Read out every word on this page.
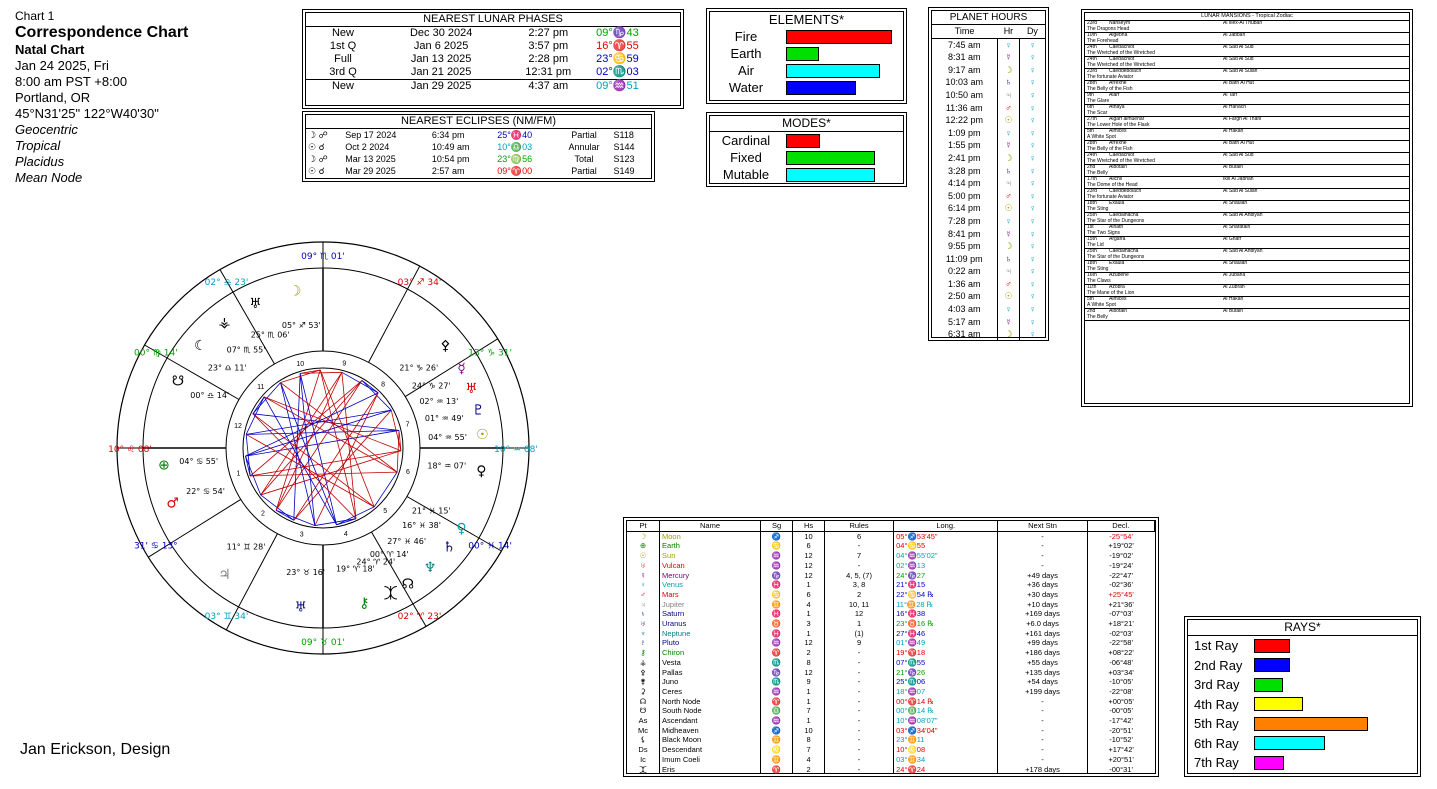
Chart 1
Correspondence Chart
Natal Chart
Jan 24 2025, Fri
8:00 am PST +8:00
Portland, OR
45°N31'25" 122°W40'30"
Geocentric
Tropical
Placidus
Mean Node
Jan Erickson, Design
NEAREST LUNAR PHASES
New	Dec 30 2024	2:27 pm	09°♑43
1st Q	Jan 6 2025	3:57 pm	16°♈55
Full	Jan 13 2025	2:28 pm	23°♋59
3rd Q	Jan 21 2025	12:31 pm	02°♏03
New	Jan 29 2025	4:37 am	09°♒51
NEAREST ECLIPSES (NM/FM)
☽ ☍	Sep 17 2024	6:34 pm	25°♓40	Partial	S118
☉ ☌	Oct 2 2024	10:49 am	10°♎03	Annular	S144
☽ ☍	Mar 13 2025	10:54 pm	23°♍56	Total	S123
☉ ☌	Mar 29 2025	2:57 am	09°♈00	Partial	S149
ELEMENTS*
Fire	

Earth	

Air	

Water	
MODES*
Cardinal	

Fixed	

Mutable	
PLANET HOURS
Time	Hr	Dy
7:45 am	♀	♀
8:31 am	☿	♀
9:17 am	☽	♀
10:03 am	♄	♀
10:50 am	♃	♀
11:36 am	♂	♀
12:22 pm	☉	♀
1:09 pm	♀	♀
1:55 pm	☿	♀
2:41 pm	☽	♀
3:28 pm	♄	♀
4:14 pm	♃	♀
5:00 pm	♂	♀
6:14 pm	☉	♀
7:28 pm	♀	♀
8:41 pm	☿	♀
9:55 pm	☽	♀
11:09 pm	♄	♀
0:22 am	♃	♀
1:36 am	♂	♀
2:50 am	☉	♀
4:03 am	♀	♀
5:17 am	☿	♀
6:31 am	☽	♀
LUNAR MANSIONS - Tropical Zodiac
23rd	Nahseym	Al Illex-Al Thuban
The Dragons Head		
10th	Algebha	Al Jabbah
The Forehead		
24th	Caedachiot	Al Sad Al Sud
The Wretched of the Wretched		
24th	Caedachiot	Al Sad Al Sud
The Wretched of the Wretched		
23rd	Caeddebolach	Al Sad Al Sulah
The fortunate Aviator		
28th	Arrexhe	Al Batn Al Hut
The Belly of the Fish		
9th	Alarf	Al Tarf
The Glare		
6th	Athaya	Al Hanach
The Scar		
27th	Algarf almuehar	Al Fargh Al Thani
The Lower Hole of the Flask		
5th	Almices	Al Hakah
A White Spot		
28th	Arrexhe	Al Batn Al Hut
The Belly of the Fish		
24th	Caedachiot	Al Sad Al Sud
The Wretched of the Wretched		
2nd	Albotain	Al Butain
The Belly		
17th	Alichil	Iklil Al Jabhah
The Dome of the Head		
23rd	Caeddebolach	Al Sad Al Sulah
The fortunate Aviator		
18th	Exaula	Al Shaulah
The Sting		
25th	Caedalhacha	Al Sad Al Ahbiyah
The Star of the Dungeons		
1st	Alnath	Al Sharatain
The Two Signs		
15th	Argafra	Al Ghafr
The Lid		
25th	Caedalhacha	Al Sad Al Ahbiyah
The Star of the Dungeons		
18th	Exaula	Al Shaulah
The Sting		
16th	Azubene	Al Jubana
The Claws		
11th	Azobra	Al Zubrah
The Mane of the Lion		
5th	Almices	Al Hakah
A White Spot		
2nd	Albotain	Al Butain
The Belly		
Pt	Name	Sg	Hs	Rules	Long.	Next Stn	Decl.
☽	Moon	♐	10	6	05°♐53'45"	-	-25°54'
⊕	Earth	♋	6	-	04°♋55	-	+19°02'
☉	Sun	♒	12	7	04°♒55'02"	-	-19°02'
♅	Vulcan	♒	12	-	02°♒13	-	-19°24'
☿	Mercury	♑	12	4, 5, (7)	24°♑27	+49 days	-22°47'
♀	Venus	♓	1	3, 8	21°♓15	+36 days	-02°36'
♂	Mars	♋	6	2	22°♋54 ℞	+30 days	+25°45'
♃	Jupiter	♊	4	10, 11	11°♊28 ℞	+10 days	+21°36'
♄	Saturn	♓	1	12	16°♓38	+169 days	-07°03'
♅	Uranus	♉	3	1	23°♉16 ℞	+6.0 days	+18°21'
♆	Neptune	♓	1	(1)	27°♓46	+161 days	-02°03'
♇	Pluto	♒	12	9	01°♒49	+99 days	-22°58'
⚷	Chiron	♈	2	-	19°♈18	+186 days	+08°22'
⚶	Vesta	♏	8	-	07°♏55	+55 days	-06°48'
⚴	Pallas	♑	12	-	21°♑26	+135 days	+03°34'
⚵	Juno	♏	9	-	25°♏06	+54 days	-10°05'
⚳	Ceres	♒	1	-	18°♒07	+199 days	-22°08'
☊	North Node	♈	1	-	00°♈14 ℞	-	+00°05'
☋	South Node	♎	7	-	00°♎14 ℞	-	-00°05'
As	Ascendant	♒	1	-	10°♒08'07"	-	-17°42'
Mc	Midheaven	♐	10	-	03°♐34'04"	-	-20°51'
⚸	Black Moon	♊	8	-	23°♊11	-	-10°52'
Ds	Descendant	♌	7	-	10°♌08	-	+17°42'
Ic	Imum Coeli	♊	4	-	03°♊34	-	+20°51'
⯰	Eris	♈	2	-	24°♈24	+178 days	-00°31'
RAYS*
1st Ray	

2nd Ray	

3rd Ray	

4th Ray	

5th Ray	

6th Ray	

7th Ray	
1
2
3	4
5
6
7
8
9
10
11
12
09° ♏ 01'
02° ♎ 23'
00° ♍ 14'
10° ♌ 08'
31' ♋ 13°
03° ♊ 34'
09° ♉ 01'
02° ♈ 23'
00° ♓ 14'
10° ♒ 08'
13° ♑ 31'
03° ♐ 34'
☽
05° ♐ 53'
♅
25° ♏ 06'
⚶
07° ♏ 55'
☾
23° ♎ 11'
☋
00° ♎ 14'
⊕ 04° ♋ 55'
♂
22° ♋ 54'
♃
11° ♊ 28'
♅
23° ♉ 16'
⚷
19° ♈ 18'
⯰
24° ♈ 24'
☊
00° ♈ 14'
♆
27° ♓ 46' ♄
16° ♓ 38' ♀
21° ♓ 15'
♀
18° ♒ 07'
☉
04° ♒ 55'
♇
01° ♒ 49'
♅
02° ♒ 13'
☿
24° ♑ 27'
⚴
21° ♑ 26'
